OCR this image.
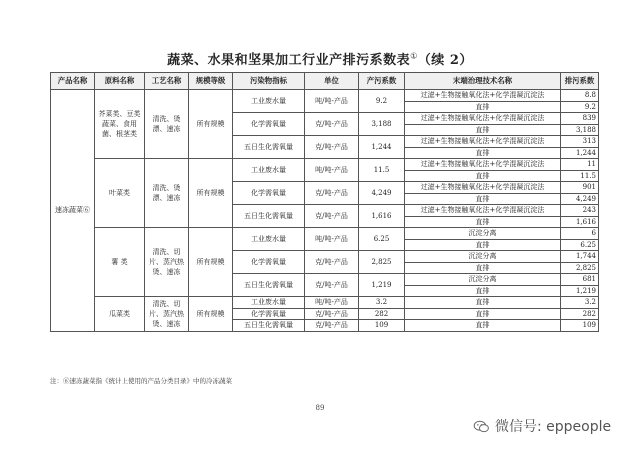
蔬菜、水果和坚果加工行业产排污系数表①（续 2）
产品名称	原料名称	工艺名称	规模等级	污染物指标	单位	产污系数	末端治理技术名称	排污系数
速冻蔬菜⑥	芥菜类、豆类蔬菜、食用菌、根茎类	清洗、烫漂、速冻	所有规模	工业废水量	吨/吨-产品	9.2	过滤+生物接触氧化法+化学混凝沉淀法	8.8
							直排	9.2
				化学需氧量	克/吨-产品	3,188	过滤+生物接触氧化法+化学混凝沉淀法	839
							直排	3,188
				五日生化需氧量	克/吨-产品	1,244	过滤+生物接触氧化法+化学混凝沉淀法	313
							直排	1,244
	叶菜类	清洗、烫漂、速冻	所有规模	工业废水量	吨/吨-产品	11.5	过滤+生物接触氧化法+化学混凝沉淀法	11
							直排	11.5
				化学需氧量	克/吨-产品	4,249	过滤+生物接触氧化法+化学混凝沉淀法	901
							直排	4,249
				五日生化需氧量	克/吨-产品	1,616	过滤+生物接触氧化法+化学混凝沉淀法	243
							直排	1,616
	薯 类	清洗、切片、蒸汽热烫、速冻	所有规模	工业废水量	吨/吨-产品	6.25	沉淀分离	6
							直排	6.25
				化学需氧量	克/吨-产品	2,825	沉淀分离	1,744
							直排	2,825
				五日生化需氧量	克/吨-产品	1,219	沉淀分离	681
							直排	1,219
	瓜菜类	清洗、切片、蒸汽热烫、速冻	所有规模	工业废水量	吨/吨-产品	3.2	直排	3.2
				化学需氧量	克/吨-产品	282	直排	282
				五日生化需氧量	克/吨-产品	109	直排	109
注：⑥速冻蔬菜指《统计上使用的产品分类目录》中的冷冻蔬菜
89
微信号: eppeople
